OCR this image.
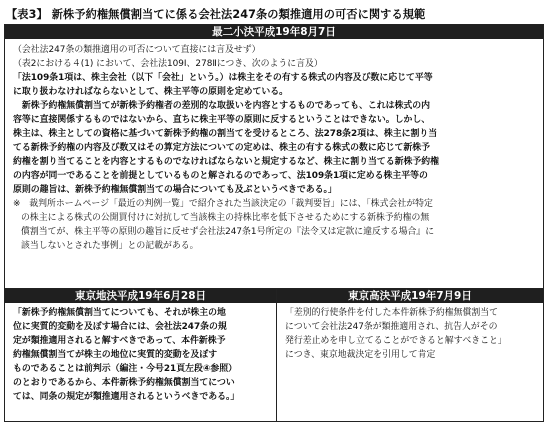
【表3】 新株予約権無償割当てに係る会社法247条の類推適用の可否に関する規範
最二小決平成19年8月7日
（会社法247条の類推適用の可否について直接には言及せず）
（表2における４(1) において、会社法109Ⅰ、278Ⅱにつき、次のように言及）
「法109条1項は、株主会社（以下「会社」という。）は株主をその有する株式の内容及び数に応じて平等
に取り扱わなければならないとして、株主平等の原則を定めている。
　新株予約権無償割当てが新株予約権者の差別的な取扱いを内容とするものであっても、これは株式の内
容等に直接関係するものではないから、直ちに株主平等の原則に反するということはできない。しかし、
株主は、株主としての資格に基づいて新株予約権の割当てを受けるところ、法278条2項は、株主に割り当
てる新株予約権の内容及び数又はその算定方法についての定めは、株主の有する株式の数に応じて新株予
約権を割り当てることを内容とするものでなければならないと規定するなど、株主に割り当てる新株予約権
の内容が同一であることを前提としているものと解されるのであって、法109条1項に定める株主平等の
原則の趣旨は、新株予約権無償割当ての場合についても及ぶというべきである。」
※　裁判所ホームページ「最近の判例一覧」で紹介された当該決定の「裁判要旨」には、「株式会社が特定
の株主による株式の公開買付けに対抗して当該株主の持株比率を低下させるためにする新株予約権の無
償割当てが、株主平等の原則の趣旨に反せず会社法247条1号所定の『法令又は定款に違反する場合』に
該当しないとされた事例」との記載がある。
東京地決平成19年6月28日
「新株予約権無償割当てについても、それが株主の地
位に実質的変動を及ぼす場合には、会社法247条の規
定が類推適用されると解すべきであって、本件新株予
約権無償割当てが株主の地位に実質的変動を及ぼす
ものであることは前判示（編注・今号21頁左段④参照）
のとおりであるから、本件新株予約権無償割当てについ
ては、同条の規定が類推適用されるというべきである。」
東京高決平成19年7月9日
「差別的行使条件を付した本件新株予約権無償割当て
について会社法247条が類推適用され、抗告人がその
発行差止めを申し立てることができると解すべきこと」
につき、東京地裁決定を引用して肯定
